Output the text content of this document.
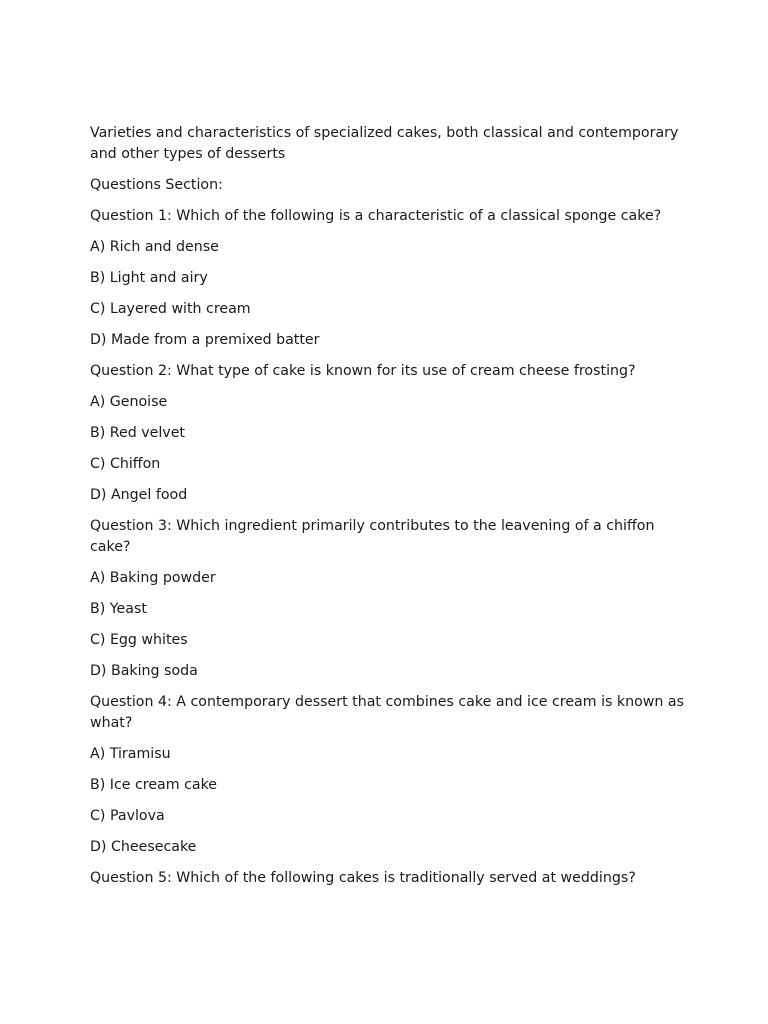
Varieties and characteristics of specialized cakes, both classical and contemporary and other types of desserts

Questions Section:

Question 1: Which of the following is a characteristic of a classical sponge cake?

A) Rich and dense

B) Light and airy

C) Layered with cream

D) Made from a premixed batter

Question 2: What type of cake is known for its use of cream cheese frosting?

A) Genoise

B) Red velvet

C) Chiffon

D) Angel food

Question 3: Which ingredient primarily contributes to the leavening of a chiffon cake?

A) Baking powder

B) Yeast

C) Egg whites

D) Baking soda

Question 4: A contemporary dessert that combines cake and ice cream is known as what?

A) Tiramisu

B) Ice cream cake

C) Pavlova

D) Cheesecake

Question 5: Which of the following cakes is traditionally served at weddings?
